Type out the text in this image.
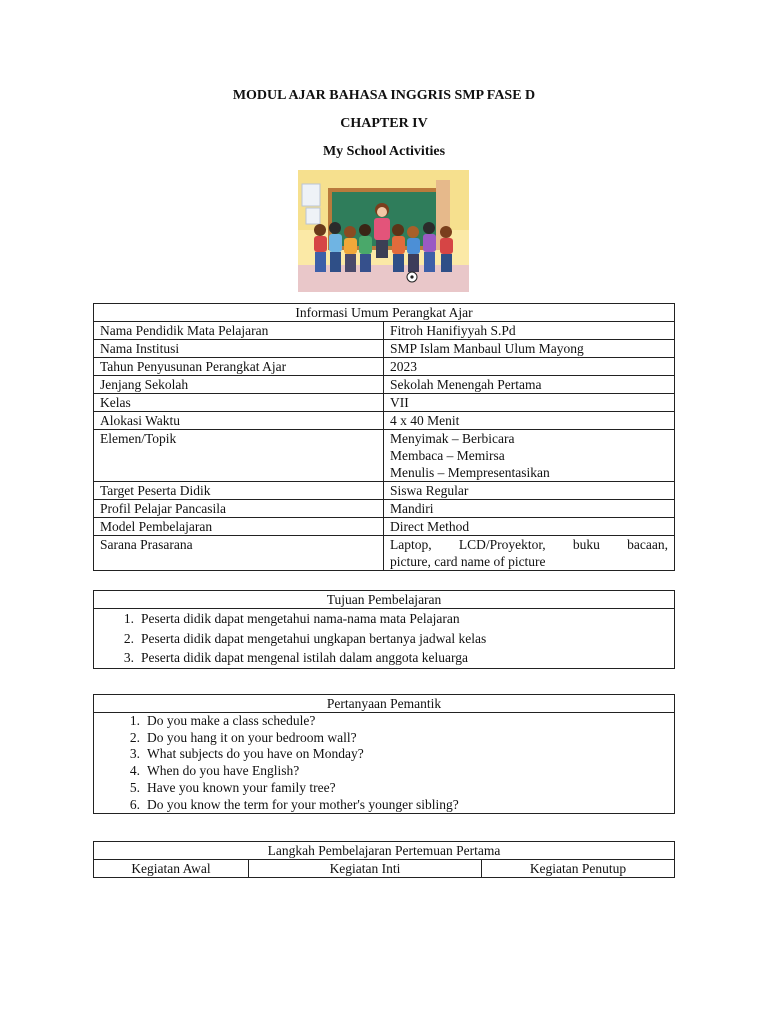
MODUL AJAR BAHASA INGGRIS SMP FASE D
CHAPTER IV
My School Activities
Informasi Umum Perangkat Ajar	
Nama Pendidik Mata Pelajaran	Fitroh Hanifiyyah S.Pd
Nama Institusi	SMP Islam Manbaul Ulum Mayong
Tahun Penyusunan Perangkat Ajar	2023
Jenjang Sekolah	Sekolah Menengah Pertama
Kelas	VII
Alokasi Waktu	4 x 40 Menit
Elemen/Topik	Menyimak – Berbicara
Membaca – Memirsa
Menulis – Mempresentasikan

Target Peserta Didik	Siswa Regular
Profil Pelajar Pancasila	Mandiri
Model Pembelajaran	Direct Method
Sarana Prasarana	Laptop, LCD/Proyektor, buku bacaan,
picture, card name of picture
Tujuan Pembelajaran

1. Peserta didik dapat mengetahui nama-nama mata Pelajaran
2. Peserta didik dapat mengetahui ungkapan bertanya jadwal kelas
3. Peserta didik dapat mengenal istilah dalam anggota keluarga
Pertanyaan Pemantik

1. Do you make a class schedule?
2. Do you hang it on your bedroom wall?
3. What subjects do you have on Monday?
4. When do you have English?
5. Have you known your family tree?
6. Do you know the term for your mother's younger sibling?
Langkah Pembelajaran Pertemuan Pertama
Kegiatan Awal	Kegiatan Inti	Kegiatan Penutup
